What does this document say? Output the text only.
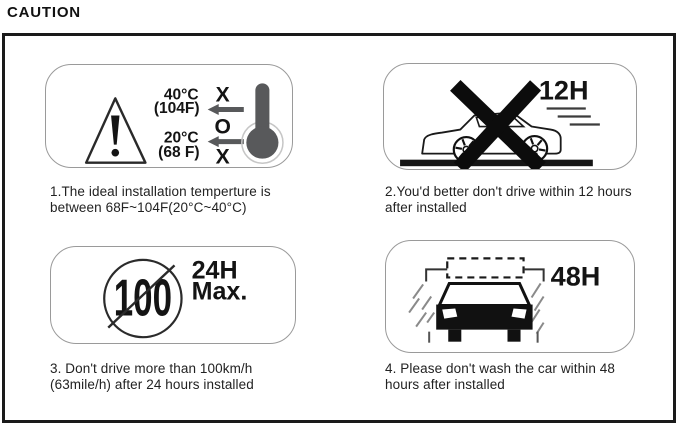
CAUTION
40°C
(104F)
20°C
(68 F)
X
O
X

1.The ideal installation temperture is
between 68F~104F(20°C~40°C)

12H

2.You'd better don't drive within 12 hours
after installed

100 24H
Max.

3. Don't drive more than 100km/h
(63mile/h) after 24 hours installed

48H

4. Please don't wash the car within 48
hours after installed
